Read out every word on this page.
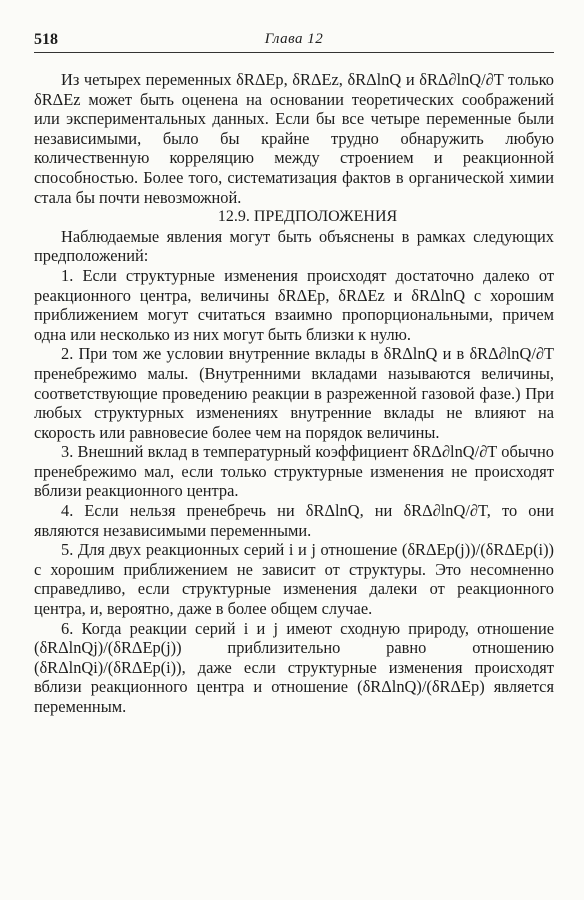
518	Глава 12

Из четырех переменных δRΔEp, δRΔEz, δRΔlnQ и δRΔ∂lnQ/∂T только δRΔEz может быть оценена на основании теоретических соображений или экспериментальных данных. Если бы все четыре переменные были независимыми, было бы крайне трудно обнаружить любую количественную корреляцию между строением и реакционной способностью. Более того, систематизация фактов в органической химии стала бы почти невозможной.

12.9. ПРЕДПОЛОЖЕНИЯ

Наблюдаемые явления могут быть объяснены в рамках следующих предположений:

1. Если структурные изменения происходят достаточно далеко от реакционного центра, величины δRΔEp, δRΔEz и δRΔlnQ с хорошим приближением могут считаться взаимно пропорциональными, причем одна или несколько из них могут быть близки к нулю.

2. При том же условии внутренние вклады в δRΔlnQ и в δRΔ∂lnQ/∂T пренебрежимо малы. (Внутренними вкладами называются величины, соответствующие проведению реакции в разреженной газовой фазе.) При любых структурных изменениях внутренние вклады не влияют на скорость или равновесие более чем на порядок величины.

3. Внешний вклад в температурный коэффициент δRΔ∂lnQ/∂T обычно пренебрежимо мал, если только структурные изменения не происходят вблизи реакционного центра.

4. Если нельзя пренебречь ни δRΔlnQ, ни δRΔ∂lnQ/∂T, то они являются независимыми переменными.

5. Для двух реакционных серий i и j отношение (δRΔEp(j))/(δRΔEp(i)) с хорошим приближением не зависит от структуры. Это несомненно справедливо, если структурные изменения далеки от реакционного центра, и, вероятно, даже в более общем случае.

6. Когда реакции серий i и j имеют сходную природу, отношение (δRΔlnQj)/(δRΔEp(j)) приблизительно равно отношению (δRΔlnQi)/(δRΔEp(i)), даже если структурные изменения происходят вблизи реакционного центра и отношение (δRΔlnQ)/(δRΔEp) является переменным.
